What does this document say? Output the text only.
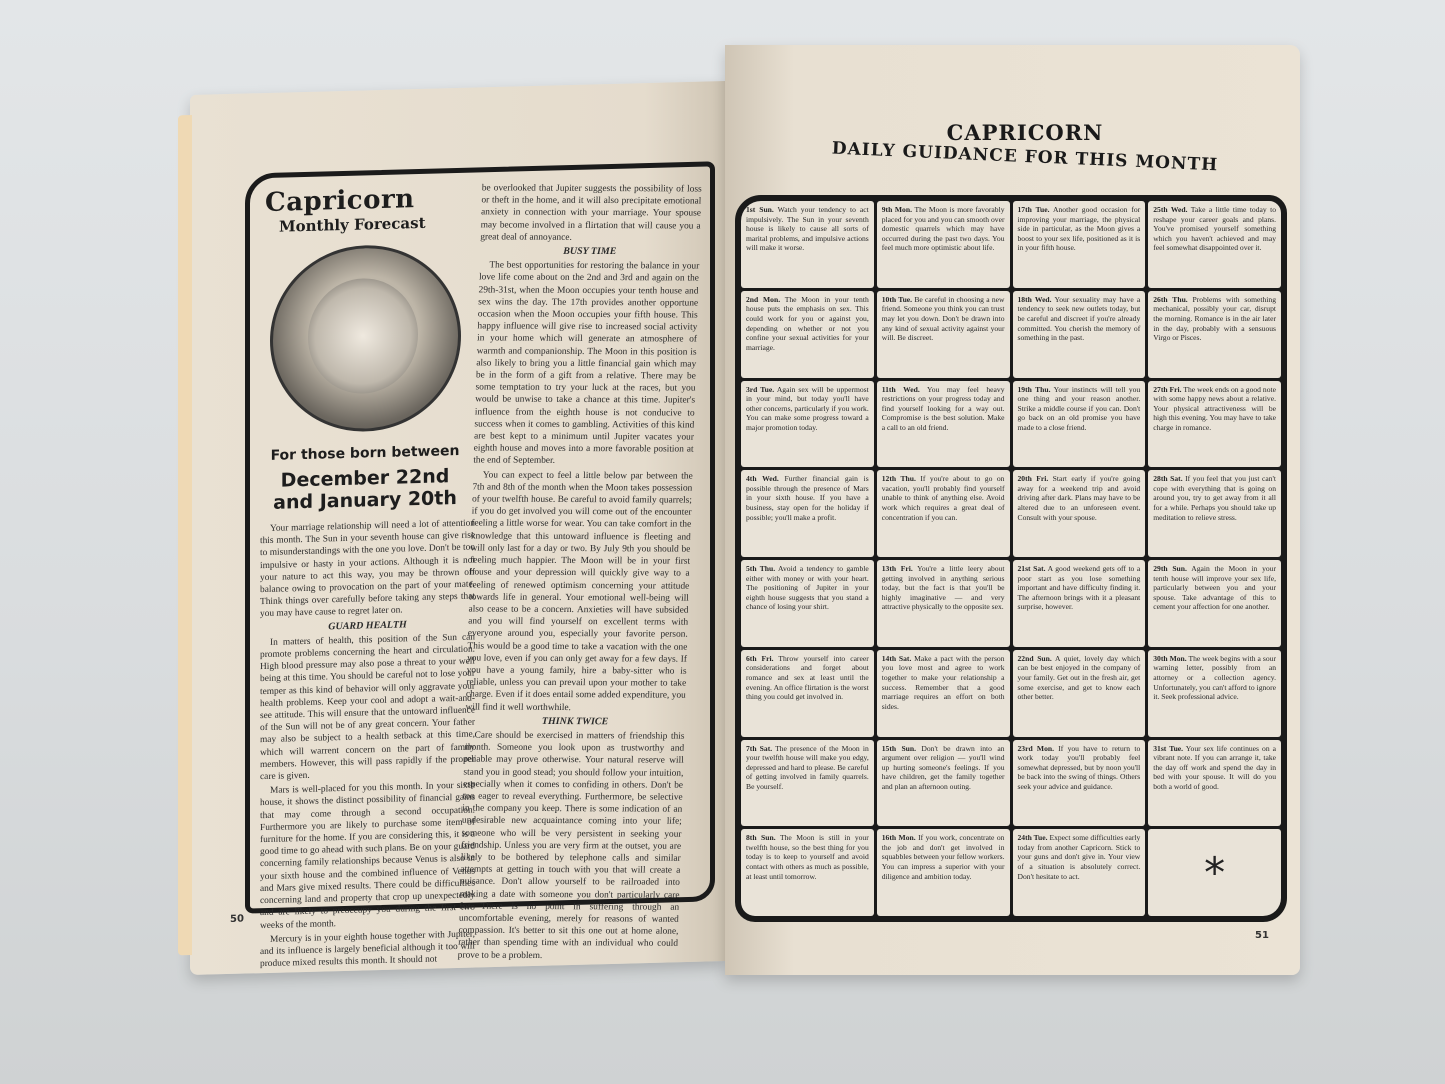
Capricorn
Monthly Forecast
For those born between
December 22nd and January 20th

Your marriage relationship will need a lot of attention this month. The Sun in your seventh house can give rise to misunderstandings with the one you love. Don't be too impulsive or hasty in your actions. Although it is not your nature to act this way, you may be thrown off balance owing to provocation on the part of your mate. Think things over carefully before taking any steps that you may have cause to regret later on.

GUARD HEALTH

In matters of health, this position of the Sun can promote problems concerning the heart and circulation. High blood pressure may also pose a threat to your well being at this time. You should be careful not to lose your temper as this kind of behavior will only aggravate your health problems. Keep your cool and adopt a wait-and-see attitude. This will ensure that the untoward influence of the Sun will not be of any great concern. Your father may also be subject to a health setback at this time, which will warrent concern on the part of family members. However, this will pass rapidly if the proper care is given.

Mars is well-placed for you this month. In your sixth house, it shows the distinct possibility of financial gains that may come through a second occupation. Furthermore you are likely to purchase some item of furniture for the home. If you are considering this, it is a good time to go ahead with such plans. Be on your guard concerning family relationships because Venus is also in your sixth house and the combined influence of Venus and Mars give mixed results. There could be difficulties concerning land and property that crop up unexpectedly and are likely to preoccupy you during the first two weeks of the month.

Mercury is in your eighth house together with Jupiter, and its influence is largely beneficial although it too will produce mixed results this month. It should not

be overlooked that Jupiter suggests the possibility of loss or theft in the home, and it will also precipitate emotional anxiety in connection with your marriage. Your spouse may become involved in a flirtation that will cause you a great deal of annoyance.

BUSY TIME

The best opportunities for restoring the balance in your love life come about on the 2nd and 3rd and again on the 29th-31st, when the Moon occupies your tenth house and sex wins the day. The 17th provides another opportune occasion when the Moon occupies your fifth house. This happy influence will give rise to increased social activity in your home which will generate an atmosphere of warmth and companionship. The Moon in this position is also likely to bring you a little financial gain which may be in the form of a gift from a relative. There may be some temptation to try your luck at the races, but you would be unwise to take a chance at this time. Jupiter's influence from the eighth house is not conducive to success when it comes to gambling. Activities of this kind are best kept to a minimum until Jupiter vacates your eighth house and moves into a more favorable position at the end of September.

You can expect to feel a little below par between the 7th and 8th of the month when the Moon takes possession of your twelfth house. Be careful to avoid family quarrels; if you do get involved you will come out of the encounter feeling a little worse for wear. You can take comfort in the knowledge that this untoward influence is fleeting and will only last for a day or two. By July 9th you should be feeling much happier. The Moon will be in your first house and your depression will quickly give way to a feeling of renewed optimism concerning your attitude towards life in general. Your emotional well-being will also cease to be a concern. Anxieties will have subsided and you will find yourself on excellent terms with everyone around you, especially your favorite person. This would be a good time to take a vacation with the one you love, even if you can only get away for a few days. If you have a young family, hire a baby-sitter who is reliable, unless you can prevail upon your mother to take charge. Even if it does entail some added expenditure, you will find it well worthwhile.

THINK TWICE

Care should be exercised in matters of friendship this month. Someone you look upon as trustworthy and reliable may prove otherwise. Your natural reserve will stand you in good stead; you should follow your intuition, especially when it comes to confiding in others. Don't be too eager to reveal everything. Furthermore, be selective in the company you keep. There is some indication of an undesirable new acquaintance coming into your life; someone who will be very persistent in seeking your friendship. Unless you are very firm at the outset, you are likely to be bothered by telephone calls and similar attempts at getting in touch with you that will create a nuisance. Don't allow yourself to be railroaded into making a date with someone you don't particularly care for. There is no point in suffering through an uncomfortable evening, merely for reasons of wanted compassion. It's better to sit this one out at home alone, rather than spending time with an individual who could prove to be a problem.

50
CAPRICORN
DAILY GUIDANCE FOR THIS MONTH
1st Sun. Watch your tendency to act impulsively. The Sun in your seventh house is likely to cause all sorts of marital problems, and impulsive actions will make it worse.
2nd Mon. The Moon in your tenth house puts the emphasis on sex. This could work for you or against you, depending on whether or not you confine your sexual activities for your marriage.
3rd Tue. Again sex will be uppermost in your mind, but today you'll have other concerns, particularly if you work. You can make some progress toward a major promotion today.
4th Wed. Further financial gain is possible through the presence of Mars in your sixth house. If you have a business, stay open for the holiday if possible; you'll make a profit.
5th Thu. Avoid a tendency to gamble either with money or with your heart. The positioning of Jupiter in your eighth house suggests that you stand a chance of losing your shirt.
6th Fri. Throw yourself into career considerations and forget about romance and sex at least until the evening. An office flirtation is the worst thing you could get involved in.
7th Sat. The presence of the Moon in your twelfth house will make you edgy, depressed and hard to please. Be careful of getting involved in family quarrels. Be yourself.
8th Sun. The Moon is still in your twelfth house, so the best thing for you today is to keep to yourself and avoid contact with others as much as possible, at least until tomorrow.
9th Mon. The Moon is more favorably placed for you and you can smooth over domestic quarrels which may have occurred during the past two days. You feel much more optimistic about life.
10th Tue. Be careful in choosing a new friend. Someone you think you can trust may let you down. Don't be drawn into any kind of sexual activity against your will. Be discreet.
11th Wed. You may feel heavy restrictions on your progress today and find yourself looking for a way out. Compromise is the best solution. Make a call to an old friend.
12th Thu. If you're about to go on vacation, you'll probably find yourself unable to think of anything else. Avoid work which requires a great deal of concentration if you can.
13th Fri. You're a little leery about getting involved in anything serious today, but the fact is that you'll be highly imaginative — and very attractive physically to the opposite sex.
14th Sat. Make a pact with the person you love most and agree to work together to make your relationship a success. Remember that a good marriage requires an effort on both sides.
15th Sun. Don't be drawn into an argument over religion — you'll wind up hurting someone's feelings. If you have children, get the family together and plan an afternoon outing.
16th Mon. If you work, concentrate on the job and don't get involved in squabbles between your fellow workers. You can impress a superior with your diligence and ambition today.
17th Tue. Another good occasion for improving your marriage, the physical side in particular, as the Moon gives a boost to your sex life, positioned as it is in your fifth house.
18th Wed. Your sexuality may have a tendency to seek new outlets today, but be careful and discreet if you're already committed. You cherish the memory of something in the past.
19th Thu. Your instincts will tell you one thing and your reason another. Strike a middle course if you can. Don't go back on an old promise you have made to a close friend.
20th Fri. Start early if you're going away for a weekend trip and avoid driving after dark. Plans may have to be altered due to an unforeseen event. Consult with your spouse.
21st Sat. A good weekend gets off to a poor start as you lose something important and have difficulty finding it. The afternoon brings with it a pleasant surprise, however.
22nd Sun. A quiet, lovely day which can be best enjoyed in the company of your family. Get out in the fresh air, get some exercise, and get to know each other better.
23rd Mon. If you have to return to work today you'll probably feel somewhat depressed, but by noon you'll be back into the swing of things. Others seek your advice and guidance.
24th Tue. Expect some difficulties early today from another Capricorn. Stick to your guns and don't give in. Your view of a situation is absolutely correct. Don't hesitate to act.
25th Wed. Take a little time today to reshape your career goals and plans. You've promised yourself something which you haven't achieved and may feel somewhat disappointed over it.
26th Thu. Problems with something mechanical, possibly your car, disrupt the morning. Romance is in the air later in the day, probably with a sensuous Virgo or Pisces.
27th Fri. The week ends on a good note with some happy news about a relative. Your physical attractiveness will be high this evening. You may have to take charge in romance.
28th Sat. If you feel that you just can't cope with everything that is going on around you, try to get away from it all for a while. Perhaps you should take up meditation to relieve stress.
29th Sun. Again the Moon in your tenth house will improve your sex life, particularly between you and your spouse. Take advantage of this to cement your affection for one another.
30th Mon. The week begins with a sour warning letter, possibly from an attorney or a collection agency. Unfortunately, you can't afford to ignore it. Seek professional advice.
31st Tue. Your sex life continues on a vibrant note. If you can arrange it, take the day off work and spend the day in bed with your spouse. It will do you both a world of good.
*
51
